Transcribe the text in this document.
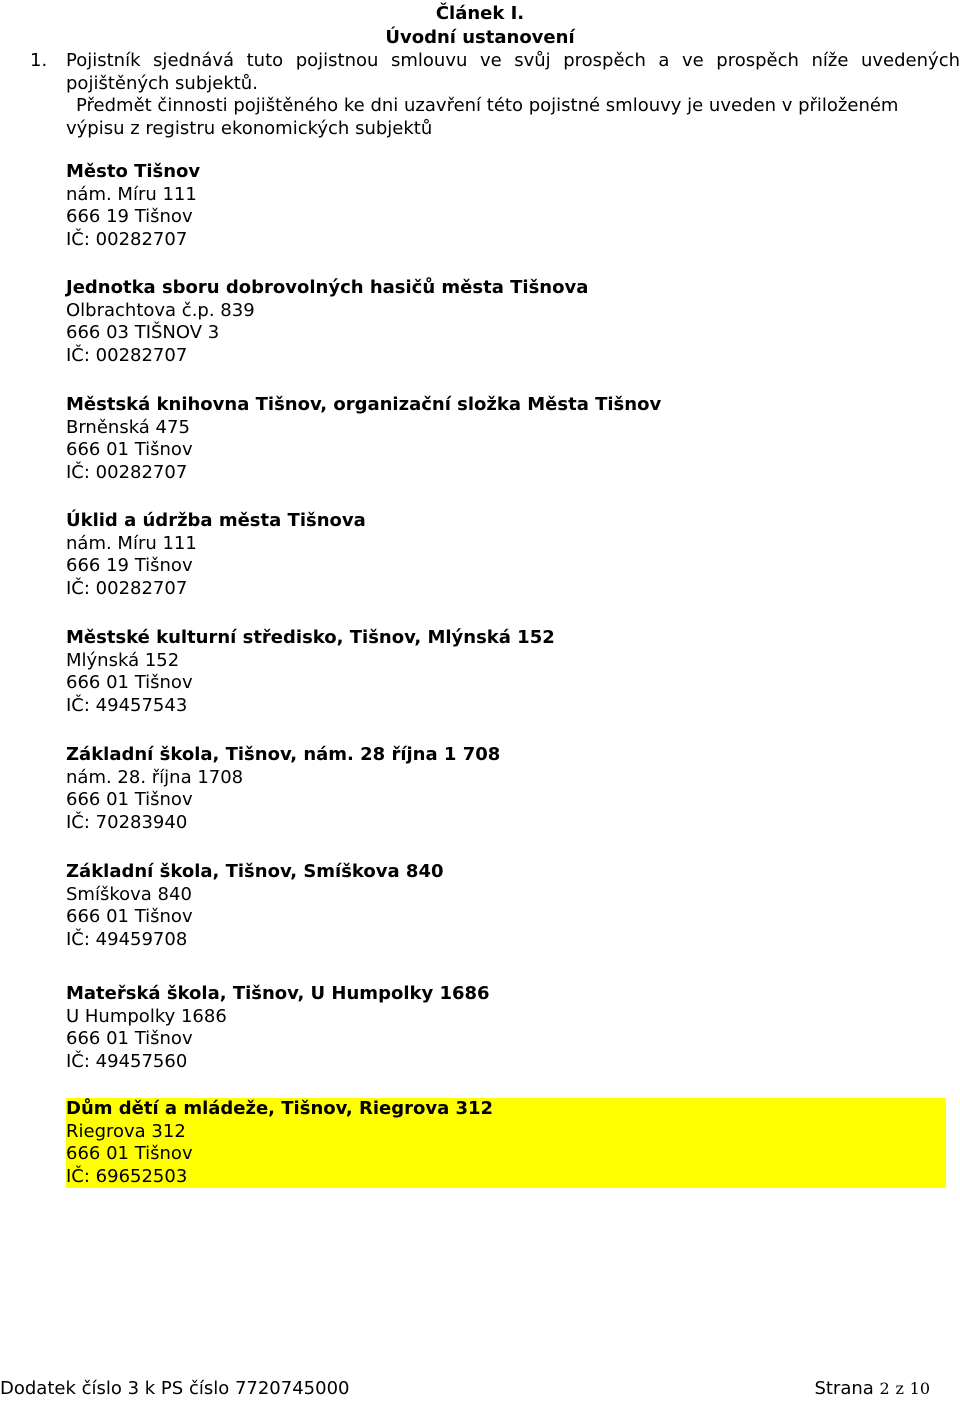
Článek I.
Úvodní ustanovení
1. Pojistník sjednává tuto pojistnou smlouvu ve svůj prospěch a ve prospěch níže uvedených pojištěných subjektů.
Předmět činnosti pojištěného ke dni uzavření této pojistné smlouvy je uveden v přiloženém výpisu z registru ekonomických subjektů
Město Tišnov
nám. Míru 111
666 19 Tišnov
IČ: 00282707
Jednotka sboru dobrovolných hasičů města Tišnova
Olbrachtova č.p. 839
666 03 TIŠNOV 3
IČ: 00282707
Městská knihovna Tišnov, organizační složka Města Tišnov
Brněnská 475
666 01 Tišnov
IČ: 00282707
Úklid a údržba města Tišnova
nám. Míru 111
666 19 Tišnov
IČ: 00282707
Městské kulturní středisko, Tišnov, Mlýnská 152
Mlýnská 152
666 01 Tišnov
IČ: 49457543
Základní škola, Tišnov, nám. 28 října 1 708
nám. 28. října 1708
666 01 Tišnov
IČ: 70283940
Základní škola, Tišnov, Smíškova 840
Smíškova 840
666 01 Tišnov
IČ: 49459708
Mateřská škola, Tišnov, U Humpolky 1686
U Humpolky 1686
666 01 Tišnov
IČ: 49457560
Dům dětí a mládeže, Tišnov, Riegrova 312
Riegrova 312
666 01 Tišnov
IČ: 69652503
Dodatek číslo 3 k PS číslo 7720745000	Strana 2 z 10
